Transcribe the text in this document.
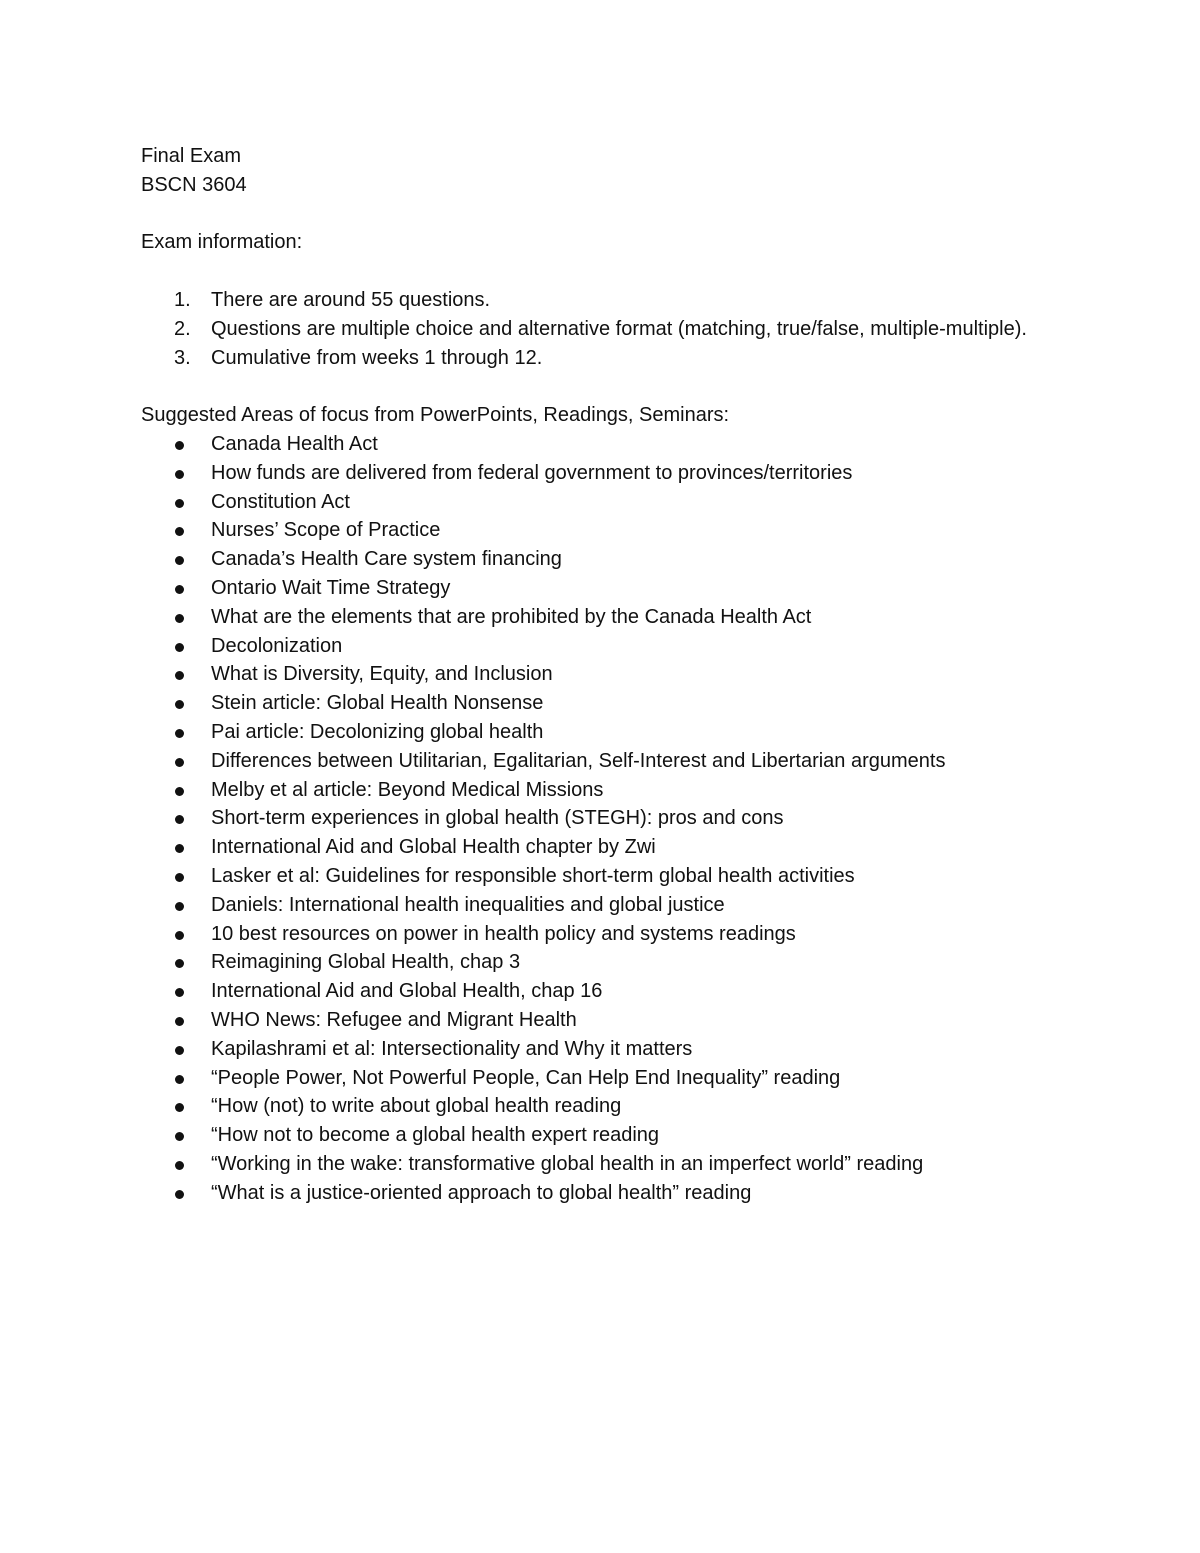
Final Exam

BSCN 3604

Exam information:

1. There are around 55 questions.
2. Questions are multiple choice and alternative format (matching, true/false, multiple-multiple).
3. Cumulative from weeks 1 through 12.

Suggested Areas of focus from PowerPoints, Readings, Seminars:

Canada Health Act
How funds are delivered from federal government to provinces/territories
Constitution Act
Nurses’ Scope of Practice
Canada’s Health Care system financing
Ontario Wait Time Strategy
What are the elements that are prohibited by the Canada Health Act
Decolonization
What is Diversity, Equity, and Inclusion
Stein article: Global Health Nonsense
Pai article: Decolonizing global health
Differences between Utilitarian, Egalitarian, Self-Interest and Libertarian arguments
Melby et al article: Beyond Medical Missions
Short-term experiences in global health (STEGH): pros and cons
International Aid and Global Health chapter by Zwi
Lasker et al: Guidelines for responsible short-term global health activities
Daniels: International health inequalities and global justice
10 best resources on power in health policy and systems readings
Reimagining Global Health, chap 3
International Aid and Global Health, chap 16
WHO News: Refugee and Migrant Health
Kapilashrami et al: Intersectionality and Why it matters
“People Power, Not Powerful People, Can Help End Inequality” reading
“How (not) to write about global health reading
“How not to become a global health expert reading
“Working in the wake: transformative global health in an imperfect world” reading
“What is a justice-oriented approach to global health” reading
